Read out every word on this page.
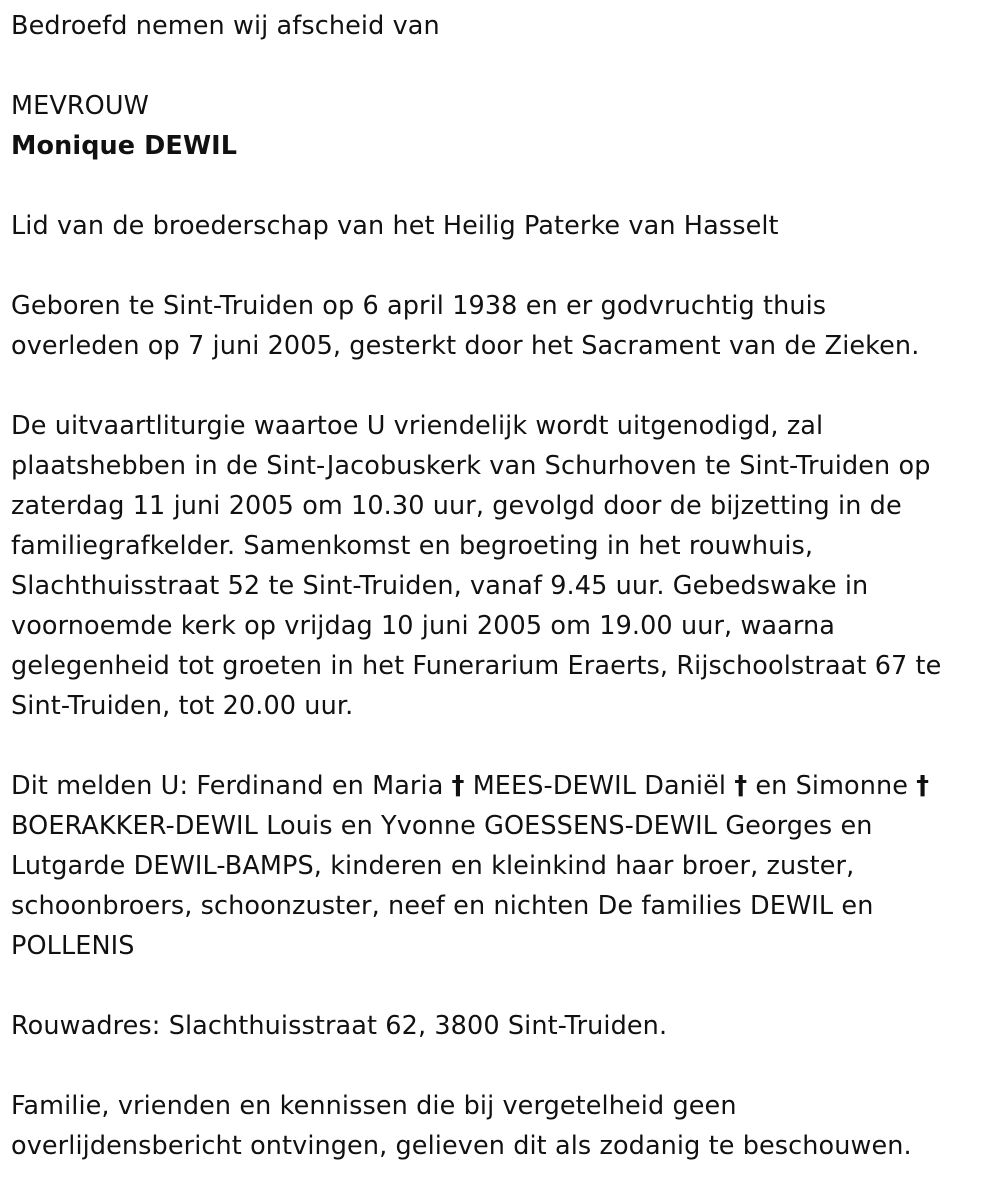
Bedroefd nemen wij afscheid van

MEVROUW

Monique DEWIL

Lid van de broederschap van het Heilig Paterke van Hasselt

Geboren te Sint-Truiden op 6 april 1938 en er godvruchtig thuis

overleden op 7 juni 2005, gesterkt door het Sacrament van de Zieken.

De uitvaartliturgie waartoe U vriendelijk wordt uitgenodigd, zal

plaatshebben in de Sint-Jacobuskerk van Schurhoven te Sint-Truiden op

zaterdag 11 juni 2005 om 10.30 uur, gevolgd door de bijzetting in de

familiegrafkelder. Samenkomst en begroeting in het rouwhuis,

Slachthuisstraat 52 te Sint-Truiden, vanaf 9.45 uur. Gebedswake in

voornoemde kerk op vrijdag 10 juni 2005 om 19.00 uur, waarna

gelegenheid tot groeten in het Funerarium Eraerts, Rijschoolstraat 67 te

Sint-Truiden, tot 20.00 uur.

Dit melden U: Ferdinand en Maria † MEES-DEWIL Daniël † en Simonne †

BOERAKKER-DEWIL Louis en Yvonne GOESSENS-DEWIL Georges en

Lutgarde DEWIL-BAMPS, kinderen en kleinkind haar broer, zuster,

schoonbroers, schoonzuster, neef en nichten De families DEWIL en

POLLENIS

Rouwadres: Slachthuisstraat 62, 3800 Sint-Truiden.

Familie, vrienden en kennissen die bij vergetelheid geen

overlijdensbericht ontvingen, gelieven dit als zodanig te beschouwen.
